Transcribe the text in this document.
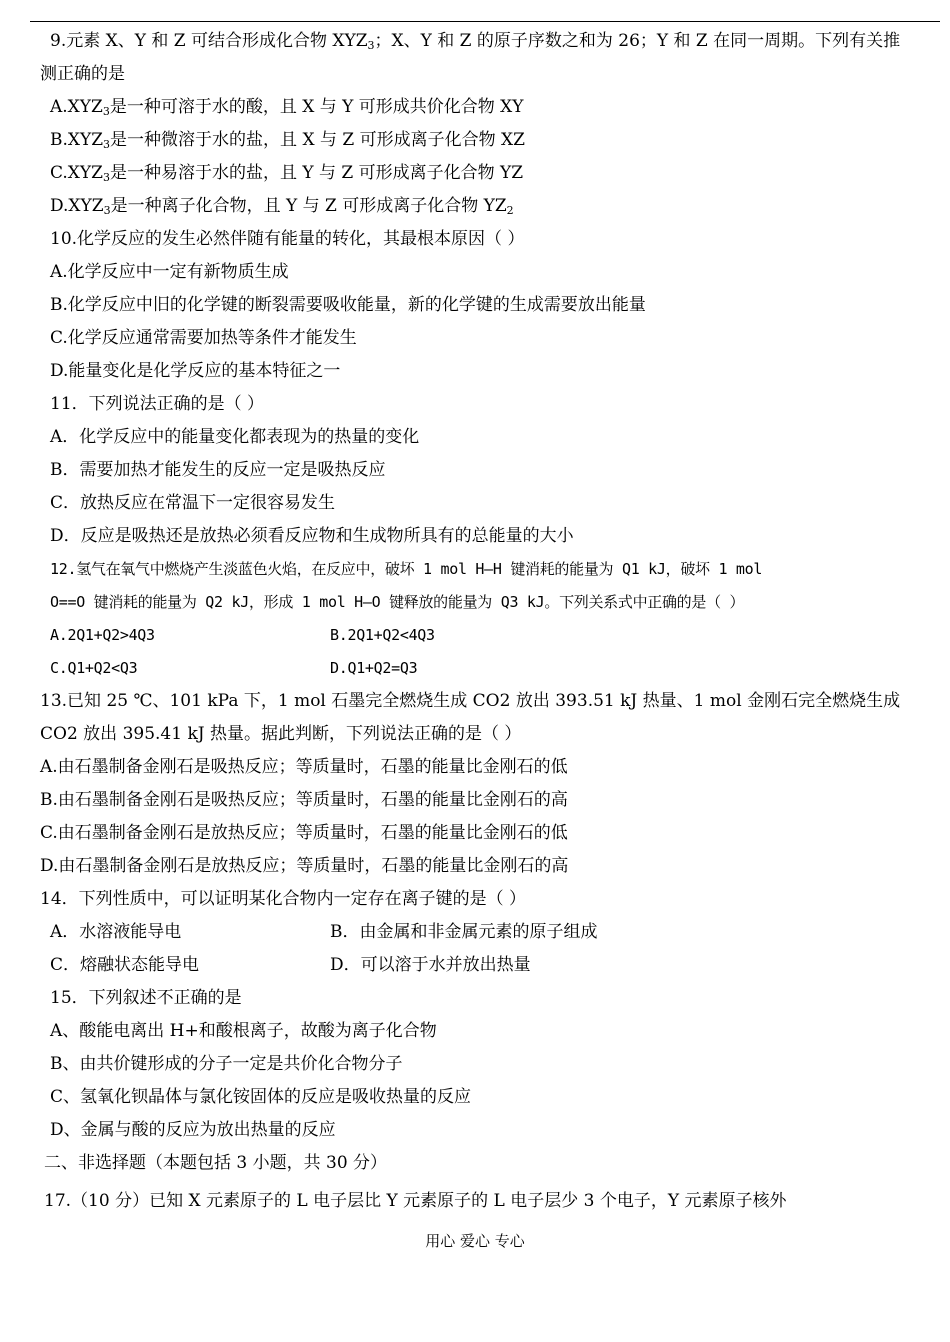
9.元素 X、Y 和 Z 可结合形成化合物 $XYZ_3$；X、Y 和 Z 的原子序数之和为 26；Y 和 Z 在同一周期。下列有关推
测正确的是
$A.XYZ_3$是一种可溶于水的酸，且 X 与 Y 可形成共价化合物 XY
$B.XYZ_3$是一种微溶于水的盐，且 X 与 Z 可形成离子化合物 XZ
$C.XYZ_3$是一种易溶于水的盐，且 Y 与 Z 可形成离子化合物 YZ
$D.XYZ_3$是一种离子化合物，且 Y 与 Z 可形成离子化合物 $YZ_2$
10.化学反应的发生必然伴随有能量的转化，其最根本原因（ ）
A.化学反应中一定有新物质生成
B.化学反应中旧的化学键的断裂需要吸收能量，新的化学键的生成需要放出能量
C.化学反应通常需要加热等条件才能发生
D.能量变化是化学反应的基本特征之一
11．下列说法正确的是（ ）
A．化学反应中的能量变化都表现为的热量的变化
B．需要加热才能发生的反应一定是吸热反应
C．放热反应在常温下一定很容易发生
D．反应是吸热还是放热必须看反应物和生成物所具有的总能量的大小
12.氢气在氧气中燃烧产生淡蓝色火焰，在反应中，破坏 1 mol H—H 键消耗的能量为 Q1 kJ，破坏 1 mol
O==O 键消耗的能量为 Q2 kJ，形成 1 mol H—O 键释放的能量为 Q3 kJ。下列关系式中正确的是（ ）
A.2Q1+Q2>4Q3	B.2Q1+Q2<4Q3
C.Q1+Q2<Q3	D.Q1+Q2=Q3
13.已知 25 ℃、101 kPa 下，1 mol 石墨完全燃烧生成 CO2 放出 393.51 kJ 热量、1 mol 金刚石完全燃烧生成
CO2 放出 395.41 kJ 热量。据此判断，下列说法正确的是（ ）
A.由石墨制备金刚石是吸热反应；等质量时，石墨的能量比金刚石的低
B.由石墨制备金刚石是吸热反应；等质量时，石墨的能量比金刚石的高
C.由石墨制备金刚石是放热反应；等质量时，石墨的能量比金刚石的低
D.由石墨制备金刚石是放热反应；等质量时，石墨的能量比金刚石的高
14．下列性质中，可以证明某化合物内一定存在离子键的是（ ）
A．水溶液能导电	B．由金属和非金属元素的原子组成
C．熔融状态能导电	D．可以溶于水并放出热量
15．下列叙述不正确的是
A、酸能电离出 H+和酸根离子，故酸为离子化合物
B、由共价键形成的分子一定是共价化合物分子
C、氢氧化钡晶体与氯化铵固体的反应是吸收热量的反应
D、金属与酸的反应为放出热量的反应
二、非选择题（本题包括 3 小题，共 30 分）
17.（10 分）已知 X 元素原子的 L 电子层比 Y 元素原子的 L 电子层少 3 个电子，Y 元素原子核外
用心 爱心 专心
